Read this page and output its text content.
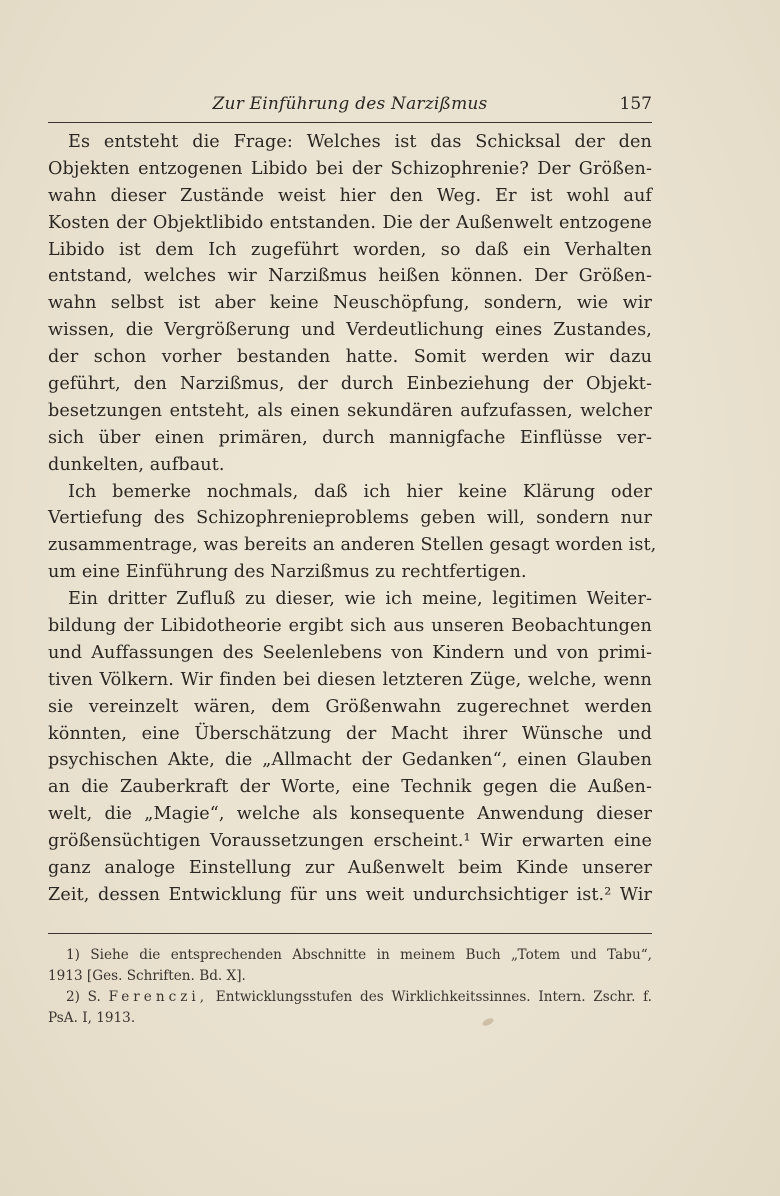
Zur Einführung des Narzißmus	157
Es entsteht die Frage: Welches ist das Schicksal der den
Objekten entzogenen Libido bei der Schizophrenie? Der Größen-
wahn dieser Zustände weist hier den Weg. Er ist wohl auf
Kosten der Objektlibido entstanden. Die der Außenwelt entzogene
Libido ist dem Ich zugeführt worden, so daß ein Verhalten
entstand, welches wir Narzißmus heißen können. Der Größen-
wahn selbst ist aber keine Neuschöpfung, sondern, wie wir
wissen, die Vergrößerung und Verdeutlichung eines Zustandes,
der schon vorher bestanden hatte. Somit werden wir dazu
geführt, den Narzißmus, der durch Einbeziehung der Objekt-
besetzungen entsteht, als einen sekundären aufzufassen, welcher
sich über einen primären, durch mannigfache Einflüsse ver-
dunkelten, aufbaut.
Ich bemerke nochmals, daß ich hier keine Klärung oder
Vertiefung des Schizophrenieproblems geben will, sondern nur
zusammentrage, was bereits an anderen Stellen gesagt worden ist,
um eine Einführung des Narzißmus zu rechtfertigen.
Ein dritter Zufluß zu dieser, wie ich meine, legitimen Weiter-
bildung der Libidotheorie ergibt sich aus unseren Beobachtungen
und Auffassungen des Seelenlebens von Kindern und von primi-
tiven Völkern. Wir finden bei diesen letzteren Züge, welche, wenn
sie vereinzelt wären, dem Größenwahn zugerechnet werden
könnten, eine Überschätzung der Macht ihrer Wünsche und
psychischen Akte, die „Allmacht der Gedanken“, einen Glauben
an die Zauberkraft der Worte, eine Technik gegen die Außen-
welt, die „Magie“, welche als konsequente Anwendung dieser
größensüchtigen Voraussetzungen erscheint.¹ Wir erwarten eine
ganz analoge Einstellung zur Außenwelt beim Kinde unserer
Zeit, dessen Entwicklung für uns weit undurchsichtiger ist.² Wir
1) Siehe die entsprechenden Abschnitte in meinem Buch „Totem und Tabu“,
1913 [Ges. Schriften. Bd. X].
2) S. Ferenczi, Entwicklungsstufen des Wirklichkeitssinnes. Intern. Zschr. f.
PsA. I, 1913.
